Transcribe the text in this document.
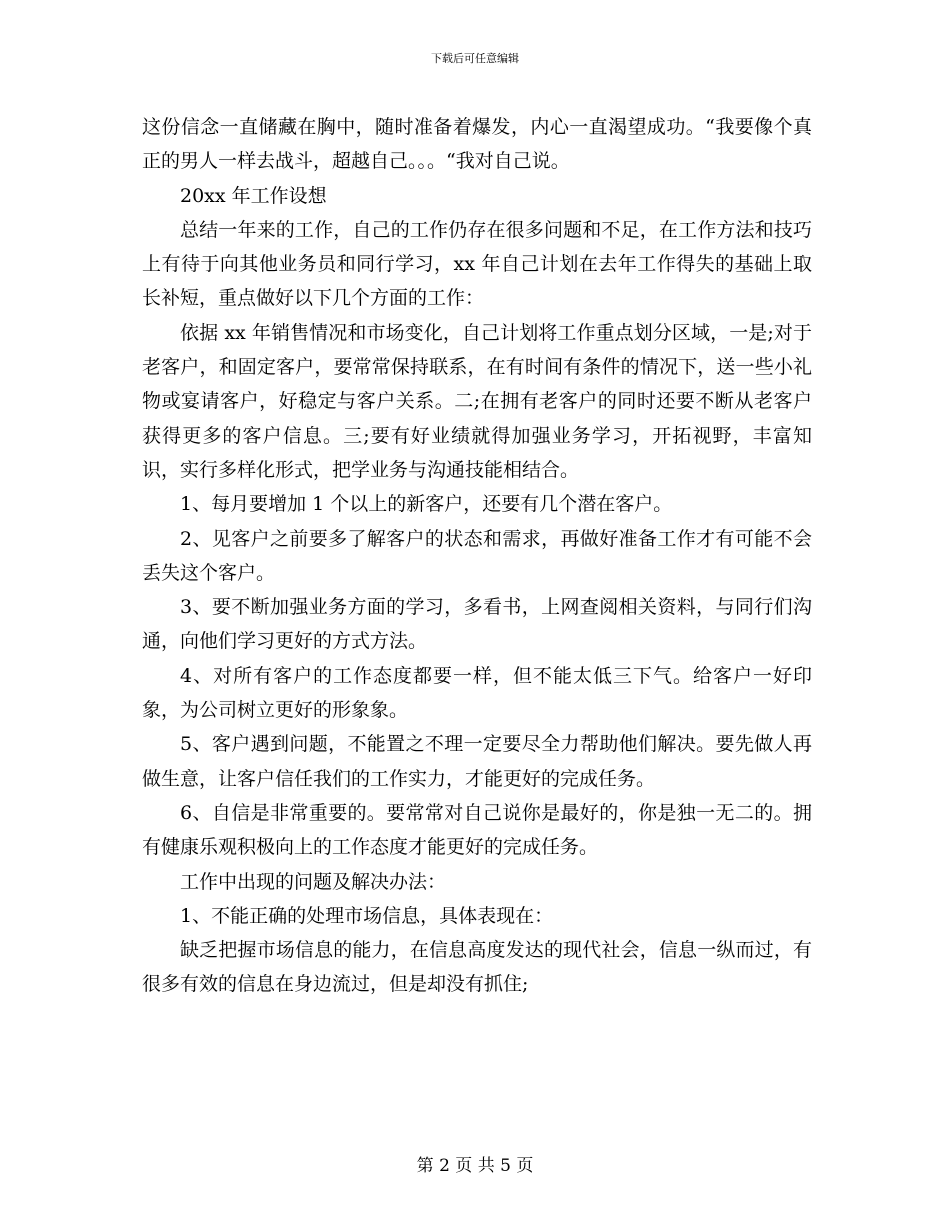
下载后可任意编辑

这份信念一直储藏在胸中，随时准备着爆发，内心一直渴望成功。“我要像个真正的男人一样去战斗，超越自己。。。“我对自己说。

20xx 年工作设想

总结一年来的工作，自己的工作仍存在很多问题和不足，在工作方法和技巧上有待于向其他业务员和同行学习，xx 年自己计划在去年工作得失的基础上取长补短，重点做好以下几个方面的工作：

依据 xx 年销售情况和市场变化，自己计划将工作重点划分区域，一是;对于老客户，和固定客户，要常常保持联系，在有时间有条件的情况下，送一些小礼物或宴请客户，好稳定与客户关系。二;在拥有老客户的同时还要不断从老客户获得更多的客户信息。三;要有好业绩就得加强业务学习，开拓视野，丰富知识，实行多样化形式，把学业务与沟通技能相结合。

1、每月要增加 1 个以上的新客户，还要有几个潜在客户。

2、见客户之前要多了解客户的状态和需求，再做好准备工作才有可能不会丢失这个客户。

3、要不断加强业务方面的学习，多看书，上网查阅相关资料，与同行们沟通，向他们学习更好的方式方法。

4、对所有客户的工作态度都要一样，但不能太低三下气。给客户一好印象，为公司树立更好的形象象。

5、客户遇到问题，不能置之不理一定要尽全力帮助他们解决。要先做人再做生意，让客户信任我们的工作实力，才能更好的完成任务。

6、自信是非常重要的。要常常对自己说你是最好的，你是独一无二的。拥有健康乐观积极向上的工作态度才能更好的完成任务。

工作中出现的问题及解决办法：

1、不能正确的处理市场信息，具体表现在：

缺乏把握市场信息的能力，在信息高度发达的现代社会，信息一纵而过，有很多有效的信息在身边流过，但是却没有抓住;

第 2 页 共 5 页
